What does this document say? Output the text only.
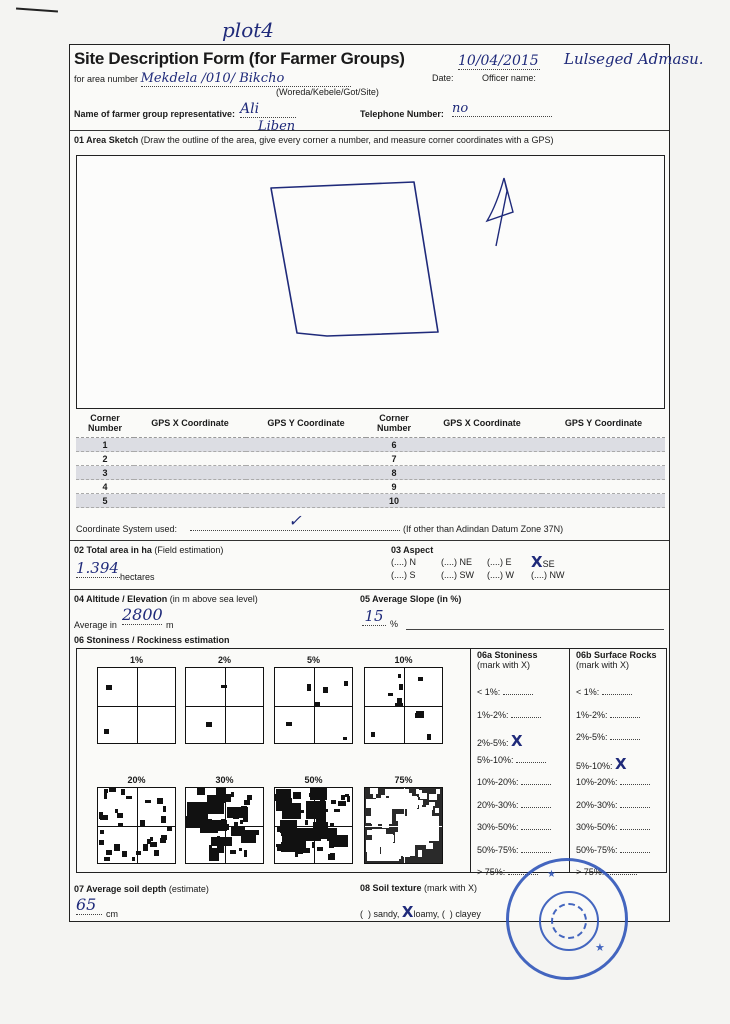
plot4
Site Description Form (for Farmer Groups)
for area number Mekdela /010/ Bikcho
(Woreda/Kebele/Got/Site)
Date:
10/04/2015
Officer name:
Lulseged Admasu.
Name of farmer group representative: Ali
Liben
Telephone Number: no
01 Area Sketch (Draw the outline of the area, give every corner a number, and measure corner coordinates with a GPS)
Corner Number	GPS X Coordinate	GPS Y Coordinate	Corner Number	GPS X Coordinate	GPS Y Coordinate
1			6		
2			7		
3			8		
4			9		
5			10		
Coordinate System used:	✓	(If other than Adindan Datum Zone 37N)
02 Total area in ha (Field estimation)
1.394 hectares
03 Aspect
(....) N	(....) NE (....) E XSE
(....) S	(....) SW (....) W (....) NW
04 Altitude / Elevation (in m above sea level)
Average in
2800
m
05 Average Slope (in %)
15 %
06 Stoniness / Rockiness estimation
1%	2%	5%	10%
20%	30%	50%	75%
06a Stoniness
(mark with X)
< 1%:
1%-2%:
2%-5%: X
5%-10%:
10%-20%:
20%-30%:
30%-50%:
50%-75%:
> 75%:
06b Surface Rocks
(mark with X)
< 1%:
1%-2%:
2%-5%:
5%-10%: X
10%-20%:
20%-30%:
30%-50%:
50%-75%:
> 75%:
07 Average soil depth (estimate)
65	cm
08 Soil texture (mark with X)
(  ) sandy, Xloamy, (  ) clayey
★
★
